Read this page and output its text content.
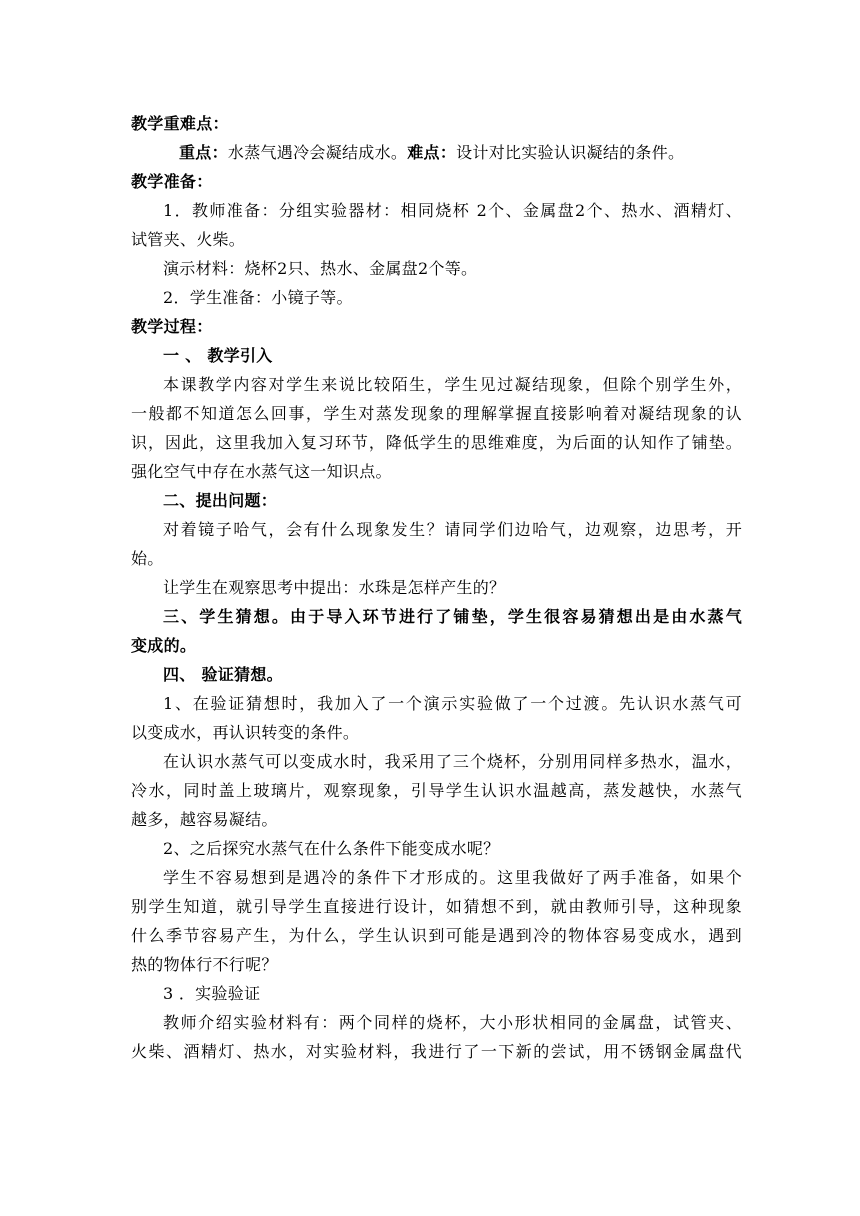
教学重难点：
重点：水蒸气遇冷会凝结成水。难点：设计对比实验认识凝结的条件。
教学准备：
1．教师准备：分组实验器材：相同烧杯 2个、金属盘2个、热水、酒精灯、
试管夹、火柴。
演示材料：烧杯2只、热水、金属盘2个等。
2．学生准备：小镜子等。
教学过程：
一 、 教学引入
本课教学内容对学生来说比较陌生，学生见过凝结现象，但除个别学生外，
一般都不知道怎么回事，学生对蒸发现象的理解掌握直接影响着对凝结现象的认
识，因此，这里我加入复习环节，降低学生的思维难度，为后面的认知作了铺垫。
强化空气中存在水蒸气这一知识点。
二、提出问题：
对着镜子哈气，会有什么现象发生？请同学们边哈气，边观察，边思考，开
始。
让学生在观察思考中提出：水珠是怎样产生的？
三、学生猜想。由于导入环节进行了铺垫，学生很容易猜想出是由水蒸气
变成的。
四、 验证猜想。
1、在验证猜想时，我加入了一个演示实验做了一个过渡。先认识水蒸气可
以变成水，再认识转变的条件。
在认识水蒸气可以变成水时，我采用了三个烧杯，分别用同样多热水，温水，
冷水，同时盖上玻璃片，观察现象，引导学生认识水温越高，蒸发越快，水蒸气
越多，越容易凝结。
2、之后探究水蒸气在什么条件下能变成水呢？
学生不容易想到是遇冷的条件下才形成的。这里我做好了两手准备，如果个
别学生知道，就引导学生直接进行设计，如猜想不到，就由教师引导，这种现象
什么季节容易产生，为什么，学生认识到可能是遇到冷的物体容易变成水，遇到
热的物体行不行呢？
3 ．实验验证
教师介绍实验材料有：两个同样的烧杯，大小形状相同的金属盘，试管夹、
火柴、酒精灯、热水，对实验材料，我进行了一下新的尝试，用不锈钢金属盘代
